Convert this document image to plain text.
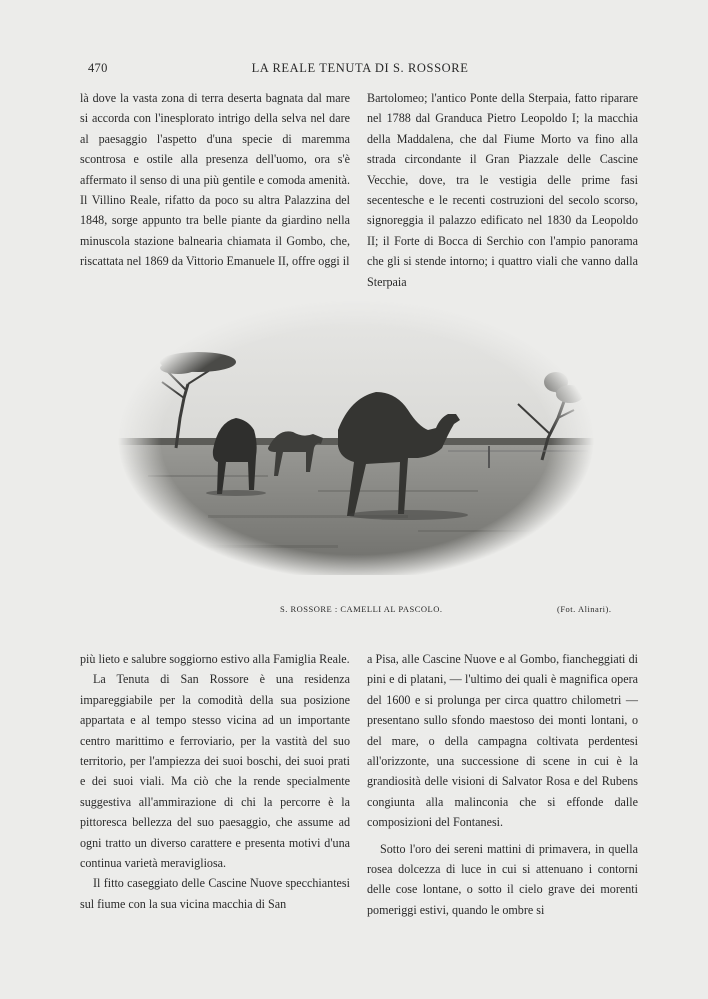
470	LA REALE TENUTA DI S. ROSSORE

là dove la vasta zona di terra deserta bagnata dal mare si accorda con l'inesplorato intrigo della selva nel dare al paesaggio l'aspetto d'una specie di maremma scontrosa e ostile alla presenza dell'uomo, ora s'è affermato il senso di una più gentile e comoda amenità. Il Villino Reale, rifatto da poco su altra Palazzina del 1848, sorge appunto tra belle piante da giardino nella minuscola stazione balnearia chiamata il Gombo, che, riscattata nel 1869 da Vittorio Emanuele II, offre oggi il

Bartolomeo; l'antico Ponte della Sterpaia, fatto riparare nel 1788 dal Granduca Pietro Leopoldo I; la macchia della Maddalena, che dal Fiume Morto va fino alla strada circondante il Gran Piazzale delle Cascine Vecchie, dove, tra le vestigia delle prime fasi secentesche e le recenti costruzioni del secolo scorso, signoreggia il palazzo edificato nel 1830 da Leopoldo II; il Forte di Bocca di Serchio con l'ampio panorama che gli si stende intorno; i quattro viali che vanno dalla Sterpaia

S. ROSSORE : CAMELLI AL PASCOLO.	(Fot. Alinari).

più lieto e salubre soggiorno estivo alla Famiglia Reale.

La Tenuta di San Rossore è una residenza impareggiabile per la comodità della sua posizione appartata e al tempo stesso vicina ad un importante centro marittimo e ferroviario, per la vastità del suo territorio, per l'ampiezza dei suoi boschi, dei suoi prati e dei suoi viali. Ma ciò che la rende specialmente suggestiva all'ammirazione di chi la percorre è la pittoresca bellezza del suo paesaggio, che assume ad ogni tratto un diverso carattere e presenta motivi d'una continua varietà meravigliosa.

Il fitto caseggiato delle Cascine Nuove specchiantesi sul fiume con la sua vicina macchia di San

a Pisa, alle Cascine Nuove e al Gombo, fiancheggiati di pini e di platani, — l'ultimo dei quali è magnifica opera del 1600 e si prolunga per circa quattro chilometri — presentano sullo sfondo maestoso dei monti lontani, o del mare, o della campagna coltivata perdentesi all'orizzonte, una successione di scene in cui è la grandiosità delle visioni di Salvator Rosa e del Rubens congiunta alla malinconia che si effonde dalle composizioni del Fontanesi.

Sotto l'oro dei sereni mattini di primavera, in quella rosea dolcezza di luce in cui si attenuano i contorni delle cose lontane, o sotto il cielo grave dei morenti pomeriggi estivi, quando le ombre si
